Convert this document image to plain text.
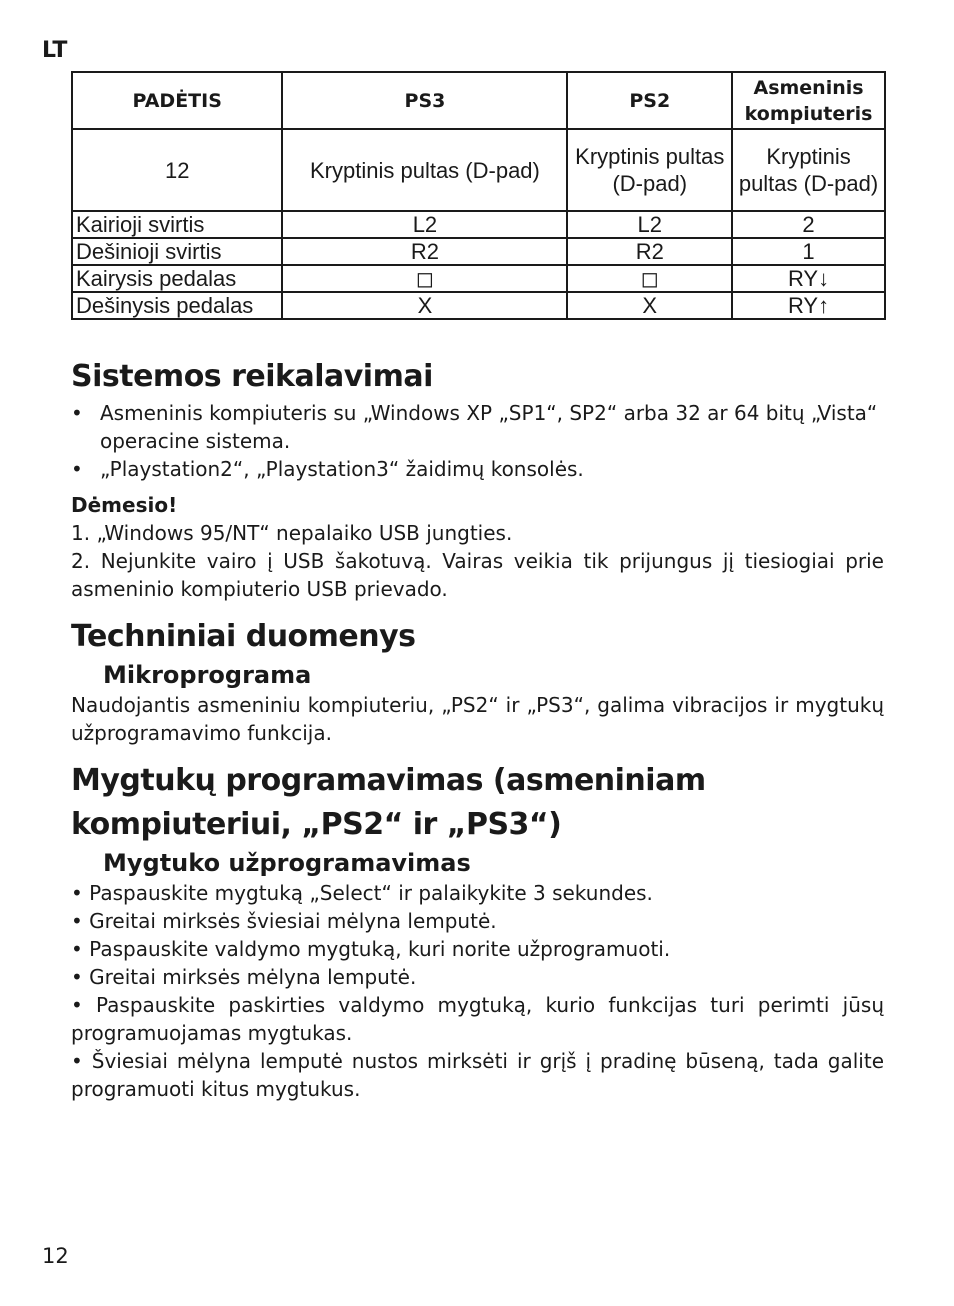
LT
PADĖTIS	PS3	PS2	Asmeninis kompiuteris
12	Kryptinis pultas (D-pad)	Kryptinis pultas (D-pad)	Kryptinis pultas (D-pad)
Kairioji svirtis	L2	L2	2
Dešinioji svirtis	R2	R2	1
Kairysis pedalas	◻	◻	RY↓
Dešinysis pedalas	X	X	RY↑
Sistemos reikalavimai
• Asmeninis kompiuteris su „Windows XP „SP1“, SP2“ arba 32 ar 64 bitų „Vista“ operacine sistema.
• „Playstation2“, „Playstation3“ žaidimų konsolės.

Dėmesio!

1. „Windows 95/NT“ nepalaiko USB jungties.

2. Nejunkite vairo į USB šakotuvą. Vairas veikia tik prijungus jį tiesiogiai prie asmeninio kompiuterio USB prievado.

Techniniai duomenys
Mikroprograma

Naudojantis asmeniniu kompiuteriu, „PS2“ ir „PS3“, galima vibracijos ir mygtukų užprogramavimo funkcija.

Mygtukų programavimas (asmeniniam
kompiuteriui, „PS2“ ir „PS3“)
Mygtuko užprogramavimas

• Paspauskite mygtuką „Select“ ir palaikykite 3 sekundes.

• Greitai mirksės šviesiai mėlyna lemputė.

• Paspauskite valdymo mygtuką, kuri norite užprogramuoti.

• Greitai mirksės mėlyna lemputė.

• Paspauskite paskirties valdymo mygtuką, kurio funkcijas turi perimti jūsų programuojamas mygtukas.

• Šviesiai mėlyna lemputė nustos mirksėti ir grįš į pradinę būseną, tada galite programuoti kitus mygtukus.

12
